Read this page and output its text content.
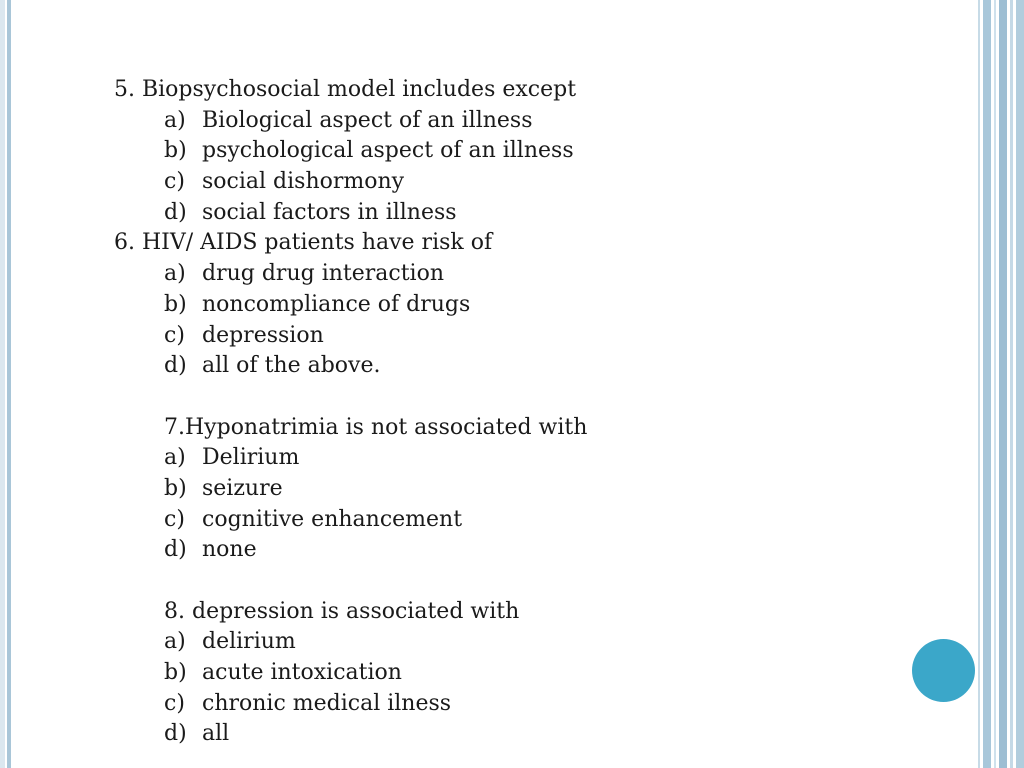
5. Biopsychosocial model includes except
a) Biological aspect of an illness
b) psychological aspect of an illness
c) social dishormony
d) social factors in illness
6. HIV/ AIDS patients have risk of
a) drug drug interaction
b) noncompliance of drugs
c) depression
d) all of the above.
7.Hyponatrimia is not associated with
a) Delirium
b) seizure
c) cognitive enhancement
d) none
8. depression is associated with
a) delirium
b) acute intoxication
c) chronic medical ilness
d) all
